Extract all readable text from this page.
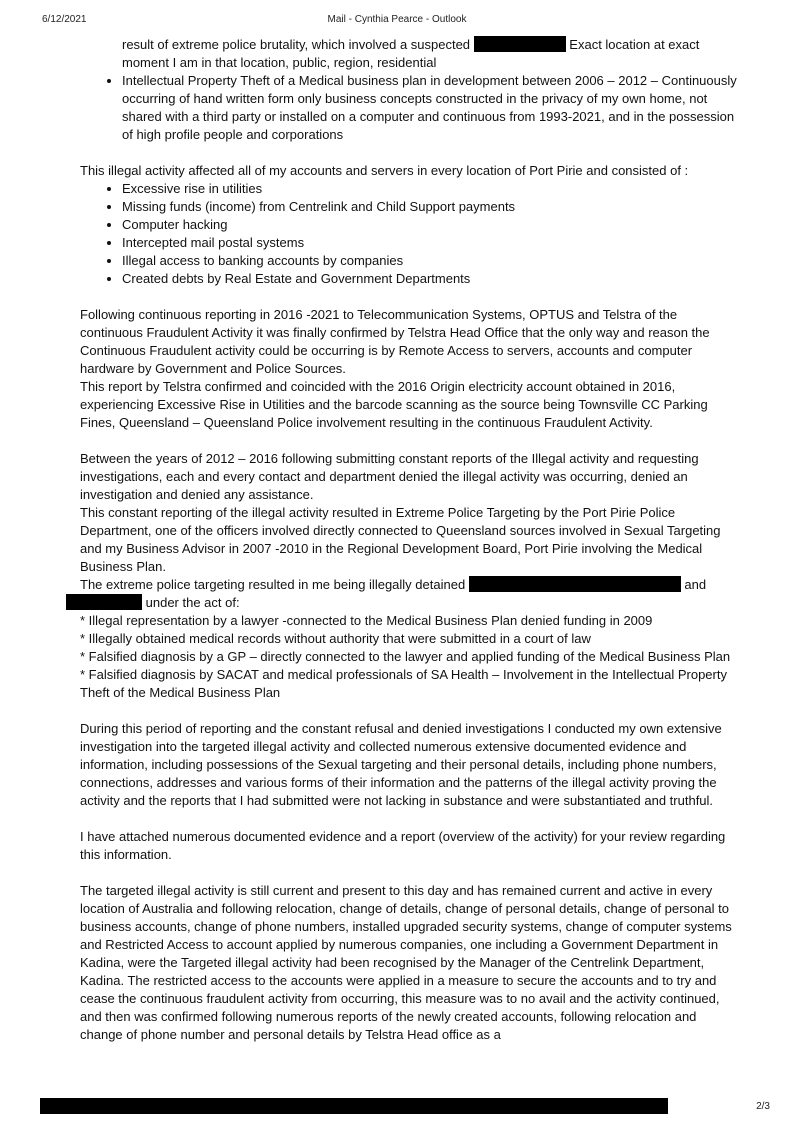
6/12/2021	Mail - Cynthia Pearce - Outlook

result of extreme police brutality, which involved a suspected	Exact location at exact

moment I am in that location, public, region, residential

• Intellectual Property Theft of a Medical business plan in development between 2006 – 2012 – Continuously occurring of hand written form only business concepts constructed in the privacy of my own home, not shared with a third party or installed on a computer and continuous from 1993-2021, and in the possession of high profile people and corporations

This illegal activity affected all of my accounts and servers in every location of Port Pirie and consisted of :

• Excessive rise in utilities
• Missing funds (income) from Centrelink and Child Support payments
• Computer hacking
• Intercepted mail postal systems
• Illegal access to banking accounts by companies
• Created debts by Real Estate and Government Departments

Following continuous reporting in 2016 -2021 to Telecommunication Systems, OPTUS and Telstra of the continuous Fraudulent Activity it was finally confirmed by Telstra Head Office that the only way and reason the Continuous Fraudulent activity could be occurring is by Remote Access to servers, accounts and computer hardware by Government and Police Sources.

This report by Telstra confirmed and coincided with the 2016 Origin electricity account obtained in 2016, experiencing Excessive Rise in Utilities and the barcode scanning as the source being Townsville CC Parking Fines, Queensland – Queensland Police involvement resulting in the continuous Fraudulent Activity.

Between the years of 2012 – 2016 following submitting constant reports of the Illegal activity and requesting investigations, each and every contact and department denied the illegal activity was occurring, denied an investigation and denied any assistance.

This constant reporting of the illegal activity resulted in Extreme Police Targeting by the Port Pirie Police Department, one of the officers involved directly connected to Queensland sources involved in Sexual Targeting and my Business Advisor in 2007 -2010 in the Regional Development Board, Port Pirie involving the Medical Business Plan.

The extreme police targeting resulted in me being illegally detained	and

under the act of:

* Illegal representation by a lawyer -connected to the Medical Business Plan denied funding in 2009

* Illegally obtained medical records without authority that were submitted in a court of law

* Falsified diagnosis by a GP – directly connected to the lawyer and applied funding of the Medical Business Plan

* Falsified diagnosis by SACAT and medical professionals of SA Health – Involvement in the Intellectual Property Theft of the Medical Business Plan

During this period of reporting and the constant refusal and denied investigations I conducted my own extensive investigation into the targeted illegal activity and collected numerous extensive documented evidence and information, including possessions of the Sexual targeting and their personal details, including phone numbers, connections, addresses and various forms of their information and the patterns of the illegal activity proving the activity and the reports that I had submitted were not lacking in substance and were substantiated and truthful.

I have attached numerous documented evidence and a report (overview of the activity) for your review regarding this information.

The targeted illegal activity is still current and present to this day and has remained current and active in every location of Australia and following relocation, change of details, change of personal details, change of personal to business accounts, change of phone numbers, installed upgraded security systems, change of computer systems and Restricted Access to account applied by numerous companies, one including a Government Department in Kadina, were the Targeted illegal activity had been recognised by the Manager of the Centrelink Department, Kadina. The restricted access to the accounts were applied in a measure to secure the accounts and to try and cease the continuous fraudulent activity from occurring, this measure was to no avail and the activity continued, and then was confirmed following numerous reports of the newly created accounts, following relocation and change of phone number and personal details by Telstra Head office as a

2/3
